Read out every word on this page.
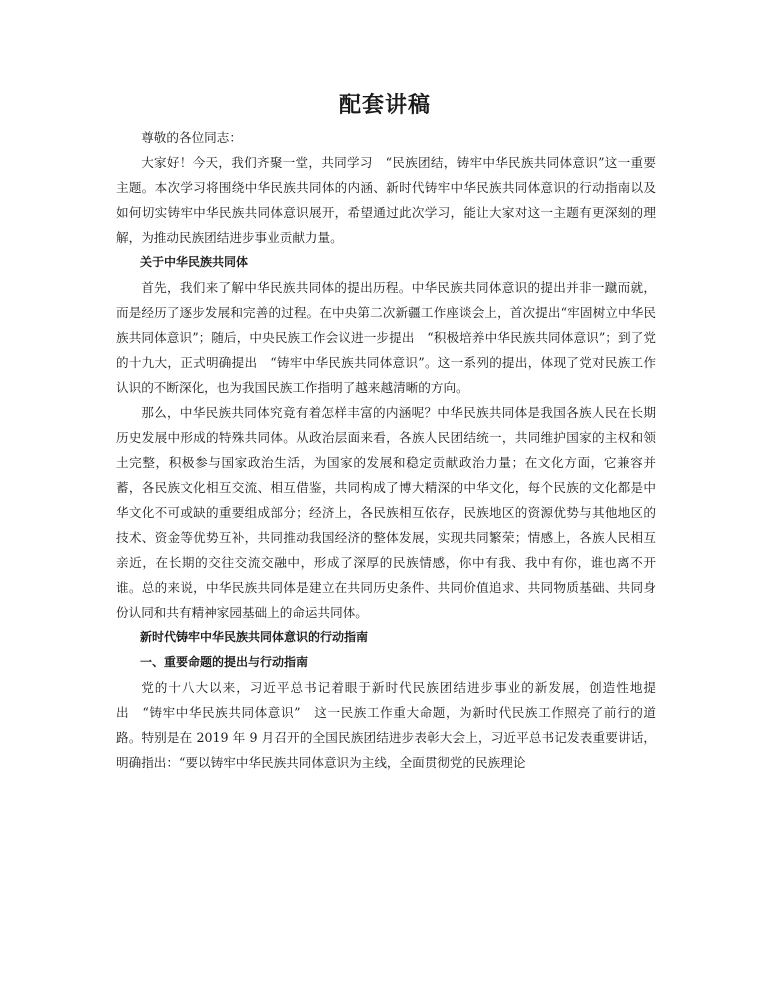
配套讲稿

尊敬的各位同志：

大家好！今天，我们齐聚一堂，共同学习　“民族团结，铸牢中华民族共同体意识”这一重要主题。本次学习将围绕中华民族共同体的内涵、新时代铸牢中华民族共同体意识的行动指南以及如何切实铸牢中华民族共同体意识展开，希望通过此次学习，能让大家对这一主题有更深刻的理解，为推动民族团结进步事业贡献力量。

关于中华民族共同体

首先，我们来了解中华民族共同体的提出历程。中华民族共同体意识的提出并非一蹴而就，而是经历了逐步发展和完善的过程。在中央第二次新疆工作座谈会上，首次提出“牢固树立中华民族共同体意识”；随后，中央民族工作会议进一步提出　“积极培养中华民族共同体意识”；到了党的十九大，正式明确提出　“铸牢中华民族共同体意识”。这一系列的提出，体现了党对民族工作认识的不断深化，也为我国民族工作指明了越来越清晰的方向。

那么，中华民族共同体究竟有着怎样丰富的内涵呢？中华民族共同体是我国各族人民在长期历史发展中形成的特殊共同体。从政治层面来看，各族人民团结统一，共同维护国家的主权和领土完整，积极参与国家政治生活，为国家的发展和稳定贡献政治力量；在文化方面，它兼容并蓄，各民族文化相互交流、相互借鉴，共同构成了博大精深的中华文化，每个民族的文化都是中华文化不可或缺的重要组成部分；经济上，各民族相互依存，民族地区的资源优势与其他地区的技术、资金等优势互补，共同推动我国经济的整体发展，实现共同繁荣；情感上，各族人民相互亲近，在长期的交往交流交融中，形成了深厚的民族情感，你中有我、我中有你，谁也离不开谁。总的来说，中华民族共同体是建立在共同历史条件、共同价值追求、共同物质基础、共同身份认同和共有精神家园基础上的命运共同体。

新时代铸牢中华民族共同体意识的行动指南

一、重要命题的提出与行动指南

党的十八大以来，习近平总书记着眼于新时代民族团结进步事业的新发展，创造性地提出　“铸牢中华民族共同体意识”　这一民族工作重大命题，为新时代民族工作照亮了前行的道路。特别是在 2019 年 9 月召开的全国民族团结进步表彰大会上，习近平总书记发表重要讲话，明确指出：“要以铸牢中华民族共同体意识为主线，全面贯彻党的民族理论
